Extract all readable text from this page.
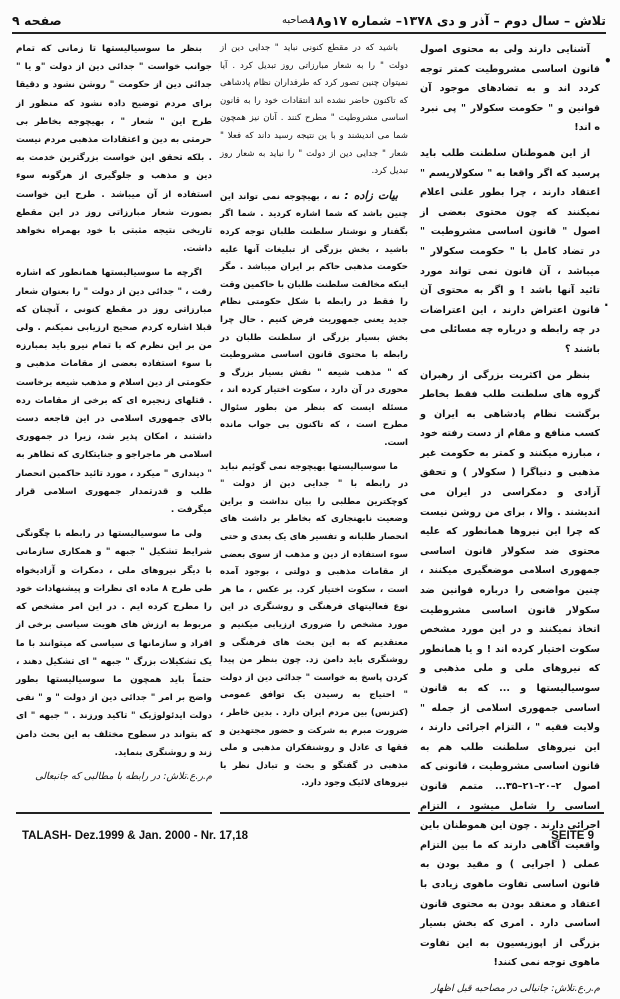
تلاش – سال دوم – آذر و دی ۱۳۷۸– شماره ۱۷و۱۸
مصاحبه
صفحه ۹
•
·

آشنایی دارند ولی به محتوی اصول قانون اساسی مشروطیت کمتر توجه کردد اند و به تضادهای موجود آن قوانین و " حکومت سکولار " پی نبرد ه اند!

از این هموطنان سلطنت طلب باید پرسید که اگر واقعا به " سکولاریسم " اعتقاد دارند ، چرا بطور علنی اعلام نمیکنند که چون محتوی بعضی از اصول " قانون اساسی مشروطیت " در تضاد کامل با " حکومت سکولار " میباشد ، آن قانون نمی تواند مورد تائید آنها باشد ! و اگر به محتوی آن قانون اعتراض دارند ، این اعتراضات در چه رابطه و درباره چه مسائلی می باشند ؟

بنظر من اکثریت بزرگی از رهبران گروه های سلطنت طلب فقط بخاطر برگشت نظام پادشاهی به ایران و کسب منافع و مقام از دست رفته خود ، مبارزه میکنند و کمتر به حکومت غیر مذهبی و دنیاگرا ( سکولار ) و تحقق آزادی و دمکراسی در ایران می اندیشند . والا ، برای من روشن نیست که چرا این نیروها همانطور که علیه محتوی ضد سکولار قانون اساسی جمهوری اسلامی موضعگیری میکنند ، چنین مواضعی را درباره قوانین ضد سکولار قانون اساسی مشروطیت اتخاذ نمیکنند و در این مورد مشخص سکوت اختیار کرده اند ! و یا همانطور که نیروهای ملی و ملی مذهبی و سوسیالیستها و ... که به قانون اساسی جمهوری اسلامی از جمله " ولایت فقیه " ، التزام اجرائی دارند ، این نیروهای سلطنت طلب هم به قانون اساسی مشروطیت ، قانونی که اصول ۲–۲۰–۲۱–۳۵... متمم قانون اساسی را شامل میشود ، التزام اجرائی دارند . چون این هموطنان باین واقعیت آگاهی دارند که ما بین التزام عملی ( اجرایی ) و مقید بودن به قانون اساسی تفاوت ماهوی زیادی با اعتقاد و معتقد بودن به محتوی قانون اساسی دارد . امری که بخش بسیار بزرگی از اپوزیسیون به این تفاوت ماهوی توجه نمی کنند!

م.ر.ع.تلاش: جانبالی در مصاحبه قبل اظهار

باشید که در مقطع کنونی نباید " جدایی دین از دولت " را به شعار مبارزاتی روز تبدیل کرد . آیا نمیتوان چنین تصور کرد که طرفداران نظام پادشاهی که تاکنون حاضر نشده اند انتقادات خود را به قانون اساسی مشروطیت " مطرح کنند . آنان نیز همچون شما می اندیشند و با ین نتیجه رسید داند که فعلا " شعار " جدایی دین از دولت " را نباید به شعار روز تبدیل کرد.

بیات زاده : نه ، بهیچوجه نمی تواند این چنین باشد که شما اشاره کردید . شما اگر بگفتار و نوشتار سلطنت طلبان توجه کرده باشید ، بخش بزرگی از تبلیغات آنها علیه حکومت مذهبی حاکم بر ایران میباشد . مگر اینکه مخالفت سلطنت طلبان با حاکمین وقت را فقط در رابطه با شکل حکومتی نظام جدید یعنی جمهوریت فرض کنیم . حال چرا بخش بسیار بزرگی از سلطنت طلبان در رابطه با محتوی قانون اساسی مشروطیت که " مذهب شیعه " نقش بسیار بزرگ و محوری در آن دارد ، سکوت اختیار کرده اند ، مسئله ایست که بنظر من بطور سئوال مطرح است ، که تاکنون بی جواب مانده است.

ما سوسیالیستها بهیچوجه نمی گوئیم نباید در رابطه با " جدایی دین از دولت " کوچکترین مطلبی را بیان نداشت و براین وضعیت نابهنجاری که بخاطر بر داشت های انحصار طلبانه و تفسیر های یک بعدی و حتی سوء استفاده از دین و مذهب از سوی بعضی از مقامات مذهبی و دولتی ، بوجود آمده است ، سکوت اختیار کرد. بر عکس ، ما هر نوع فعالیتهای فرهنگی و روشنگری در این مورد مشخص را ضروری ارزیابی میکنیم و معتقدیم که به این بحث های فرهنگی و روشنگری باید دامن زد. چون بنظر من پیدا کردن پاسخ به خواست " جدائی دین از دولت " احتیاج به رسیدن یک توافق عمومی (کنزنس) بین مردم ایران دارد . بدین خاطر ، ضرورت مبرم به شرکت و حضور مجتهدین و فقها ی عادل و روشنفکران مذهبی و ملی مذهبی در گفتگو و بحث و تبادل نظر با نیروهای لائیک وجود دارد.

بنظر ما سوسیالیستها تا زمانی که تمام جوانب خواست " جدائی دین از دولت "و یا " جدائی دین از حکومت " روشن نشود و دقیقا برای مردم توضیح داده نشود که منظور از طرح این " شعار " ، بهیچوجه بخاطر بی حرمتی به دین و اعتقادات مذهبی مردم نیست . بلکه تحقق این خواست بزرگترین خدمت به دین و مذهب و جلوگیری از هرگونه سوء استفاده از آن میباشد . طرح این خواست بصورت شعار مبارزاتی روز در این مقطع تاریخی نتیجه مثبتی با خود بهمراه نخواهد داشت.

اگرچه ما سوسیالیستها همانطور که اشاره رفت ، " جدائی دین از دولت " را بعنوان شعار مبارزاتی روز در مقطع کنونی ، آنچنان که قبلا اشاره کردم صحیح ارزیابی نمیکنم . ولی من بر این نظرم که با تمام نیرو باید بمبارزه با سوء استفاده بعضی از مقامات مذهبی و حکومتی از دین اسلام و مذهب شیعه برخاست . قتلهای زنجیره ای که برخی از مقامات رده بالای جمهوری اسلامی در این فاجعه دست داشتند ، امکان پذیر شد، زیرا در جمهوری اسلامی هر ماجراجو و جنایتکاری که تظاهر به " دینداری " میکرد ، مورد تائید حاکمین انحصار طلب و قدرتمدار جمهوری اسلامی قرار میگرفت .

ولی ما سوسیالیستها در رابطه با چگونگی شرایط تشکیل " جبهه " و همکاری سازمانی با دیگر نیروهای ملی ، دمکرات و آزادیخواه طی طرح ۸ ماده ای نظرات و پیشنهادات خود را مطرح کرده ایم . در این امر مشخص که مربوط به ارزش های هویت سیاسی برخی از افراد و سازمانها ی سیاسی که میتوانند با ما یک تشکیلات بزرگ " جبهه " ای تشکیل دهند ، حتماً باید همچون ما سوسیالیستها بطور واضح بر امر " جدائی دین از دولت " و " نفی دولت ایدئولوژیک " تاکید ورزند . " جبهه " ای که بتواند در سطوح مختلف به این بحث دامن زند و روشنگری بنماید.

م.ر.ع.تلاش: در رابطه با مطالبی که جانبعالی

TALASH- Dez.1999 & Jan. 2000 - Nr. 17,18	SEITE 9
